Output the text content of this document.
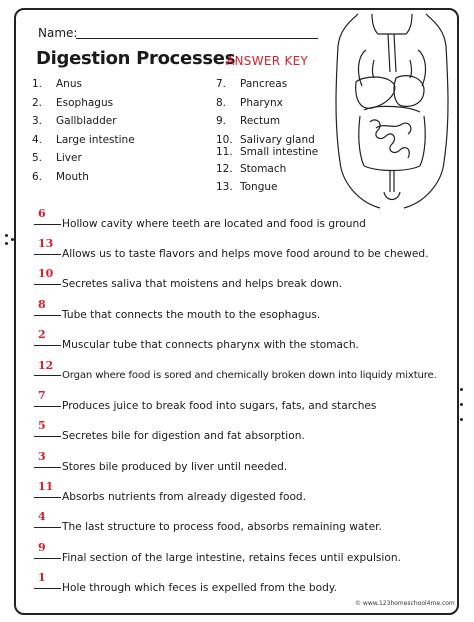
Name:
Digestion Processes
ANSWER KEY
1.	Anus
2.	Esophagus
3.	Gallbladder
4.	Large intestine
5.	Liver
6.	Mouth
7.	Pancreas
8.	Pharynx
9.	Rectum
10. Salivary gland
11. Small intestine
12. Stomach
13. Tongue
6
Hollow cavity where teeth are located and food is ground
13
Allows us to taste flavors and helps move food around to be chewed.
10
Secretes saliva that moistens and helps break down.
8
Tube that connects the mouth to the esophagus.
2
Muscular tube that connects pharynx with the stomach.
12
Organ where food is sored and chemically broken down into liquidy mixture.
7
Produces juice to break food into sugars, fats, and starches
5
Secretes bile for digestion and fat absorption.
3
Stores bile produced by liver until needed.
11
Absorbs nutrients from already digested food.
4
The last structure to process food, absorbs remaining water.
9
Final section of the large intestine, retains feces until expulsion.
1
Hole through which feces is expelled from the body.
© www.123homeschool4me.com
